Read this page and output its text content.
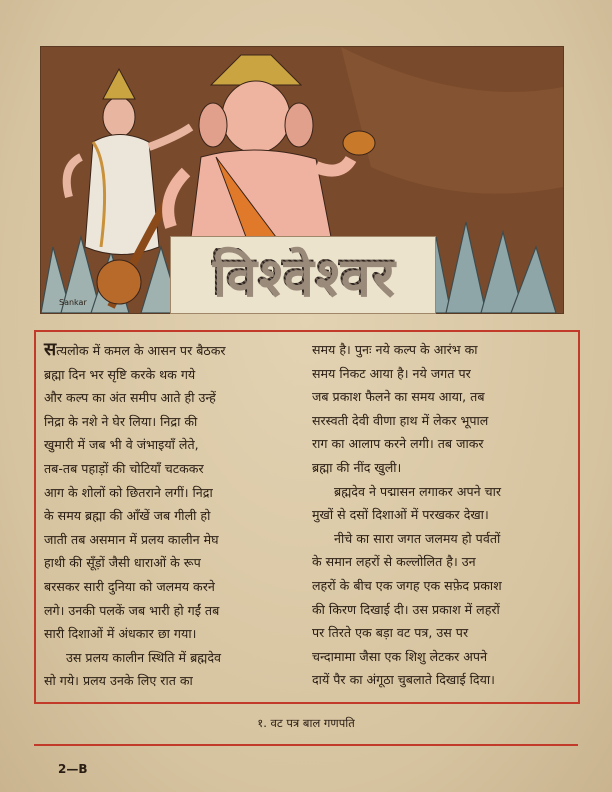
Sankar विश्वेश्वर

सत्यलोक में कमल के आसन पर बैठकर

ब्रह्मा दिन भर सृष्टि करके थक गये

और कल्प का अंत समीप आते ही उन्हें

निद्रा के नशे ने घेर लिया। निद्रा की

खुमारी में जब भी वे जंभाइयाँ लेते,

तब-तब पहाड़ों की चोटियाँ चटककर

आग के शोलों को छितराने लगीं। निद्रा

के समय ब्रह्मा की आँखें जब गीली हो

जाती तब असमान में प्रलय कालीन मेघ

हाथी की सूँड़ों जैसी धाराओं के रूप

बरसकर सारी दुनिया को जलमय करने

लगे। उनकी पलकें जब भारी हो गईं तब

सारी दिशाओं में अंधकार छा गया।

उस प्रलय कालीन स्थिति में ब्रह्मदेव

सो गये। प्रलय उनके लिए रात का

समय है। पुनः नये कल्प के आरंभ का

समय निकट आया है। नये जगत पर

जब प्रकाश फैलने का समय आया, तब

सरस्वती देवी वीणा हाथ में लेकर भूपाल

राग का आलाप करने लगी। तब जाकर

ब्रह्मा की नींद खुली।

ब्रह्मदेव ने पद्मासन लगाकर अपने चार

मुखों से दसों दिशाओं में परखकर देखा।

नीचे का सारा जगत जलमय हो पर्वतों

के समान लहरों से कल्लोलित है। उन

लहरों के बीच एक जगह एक सफ़ेद प्रकाश

की किरण दिखाई दी। उस प्रकाश में लहरों

पर तिरते एक बड़ा वट पत्र, उस पर

चन्दामामा जैसा एक शिशु लेटकर अपने

दायें पैर का अंगूठा चुबलाते दिखाई दिया।

१. वट पत्र बाल गणपति
2—B
